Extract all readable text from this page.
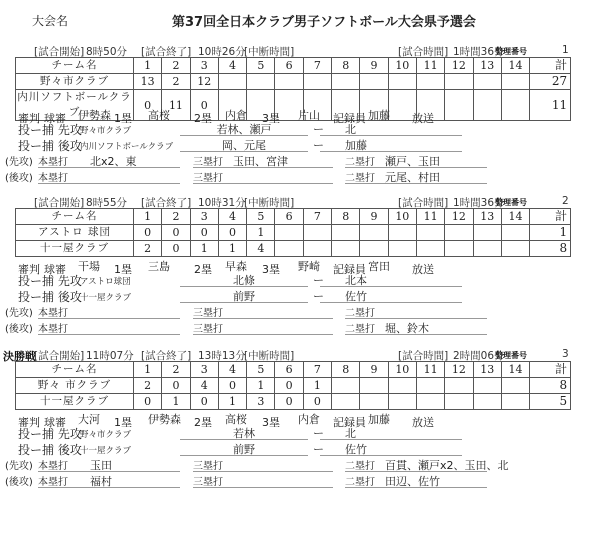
大会名	第37回全日本クラブ男子ソフトボール大会県予選会
[試合開始] 8時50分 [試合終了] 10時26分
[中断時間]	[試合時間] 1時間36分
整理番号	1
チーム名	1	2	3	4	5	6	7	8	9	10	11	12	13	14	計
野々市クラブ	13	2	12												27
内川ソフトボールクラブ	0	11	0												11
審判 球審 伊勢森 1塁 高桜 2塁 内倉 3塁 片山 記録員 加藤 放送
投ー捕 先攻
野々市クラブ	若林、瀬戸	ー	北
投ー捕 後攻
内川ソフトボールクラブ	岡、元尾	ー	加藤
(先攻) 本塁打 北x2、東	三塁打 玉田、宮津	二塁打 瀬戸、玉田
(後攻) 本塁打	三塁打	二塁打 元尾、村田
[試合開始] 8時55分 [試合終了] 10時31分
[中断時間]	[試合時間] 1時間36分
整理番号	2
チーム名	1	2	3	4	5	6	7	8	9	10	11	12	13	14	計
アストロ 球団	0	0	0	0	1										1
十一屋クラブ	2	0	1	1	4										8
審判 球審 干場 1塁 三島 2塁 早森 3塁 野崎 記録員 宮田 放送
投ー捕 先攻
アストロ球団	北條	ー	北本
投ー捕 後攻
十一屋クラブ	前野	ー	佐竹
(先攻) 本塁打	三塁打	二塁打
(後攻) 本塁打	三塁打	二塁打 堀、鈴木
決勝戦
[試合開始] 11時07分 [試合終了] 13時13分
[中断時間]	[試合時間] 2時間06分
整理番号	3
チーム名	1	2	3	4	5	6	7	8	9	10	11	12	13	14	計
野々 市クラブ	2	0	4	0	1	0	1								8
十一屋クラブ	0	1	0	1	3	0	0								5
審判 球審 大河 1塁 伊勢森 2塁 高桜 3塁 内倉 記録員 加藤 放送
投ー捕 先攻
野々市クラブ	若林	ー	北
投ー捕 後攻
十一屋クラブ	前野	ー	佐竹
(先攻) 本塁打 玉田	三塁打	二塁打 百貫、瀬戸x2、玉田、北
(後攻) 本塁打 福村	三塁打	二塁打 田辺、佐竹
